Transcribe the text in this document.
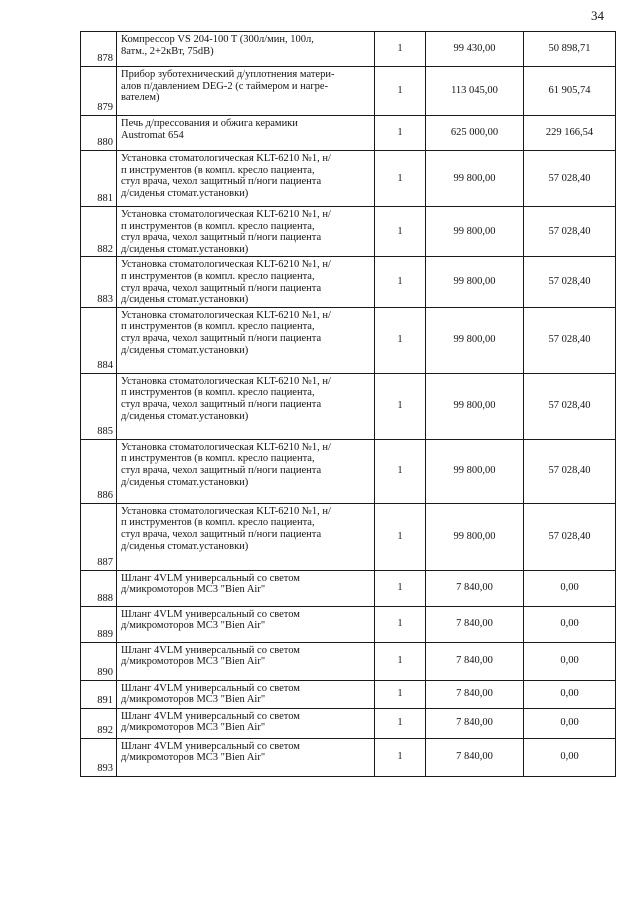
34
878	Компрессор VS 204-100 T (300л/мин, 100л,
8атм., 2+2кВт, 75dB)	1	99 430,00	50 898,71
879	Прибор зуботехнический д/уплотнения матери-
алов п/давлением DEG-2 (с таймером и нагре-
вателем)	1	113 045,00	61 905,74
880	Печь д/прессования и обжига керамики
Austromat 654	1	625 000,00	229 166,54
881	Установка стоматологическая KLT-6210 №1, н/
п инструментов (в компл. кресло пациента,
стул врача, чехол защитный п/ноги пациента
д/сиденья стомат.установки)	1	99 800,00	57 028,40
882	Установка стоматологическая KLT-6210 №1, н/
п инструментов (в компл. кресло пациента,
стул врача, чехол защитный п/ноги пациента
д/сиденья стомат.установки)	1	99 800,00	57 028,40
883	Установка стоматологическая KLT-6210 №1, н/
п инструментов (в компл. кресло пациента,
стул врача, чехол защитный п/ноги пациента
д/сиденья стомат.установки)	1	99 800,00	57 028,40
884	Установка стоматологическая KLT-6210 №1, н/
п инструментов (в компл. кресло пациента,
стул врача, чехол защитный п/ноги пациента
д/сиденья стомат.установки)	1	99 800,00	57 028,40
885	Установка стоматологическая KLT-6210 №1, н/
п инструментов (в компл. кресло пациента,
стул врача, чехол защитный п/ноги пациента
д/сиденья стомат.установки)	1	99 800,00	57 028,40
886	Установка стоматологическая KLT-6210 №1, н/
п инструментов (в компл. кресло пациента,
стул врача, чехол защитный п/ноги пациента
д/сиденья стомат.установки)	1	99 800,00	57 028,40
887	Установка стоматологическая KLT-6210 №1, н/
п инструментов (в компл. кресло пациента,
стул врача, чехол защитный п/ноги пациента
д/сиденья стомат.установки)	1	99 800,00	57 028,40
888	Шланг 4VLM универсальный со светом
д/микромоторов MC3 "Bien Air"	1	7 840,00	0,00
889	Шланг 4VLM универсальный со светом
д/микромоторов MC3 "Bien Air"	1	7 840,00	0,00
890	Шланг 4VLM универсальный со светом
д/микромоторов MC3 "Bien Air"	1	7 840,00	0,00
891	Шланг 4VLM универсальный со светом
д/микромоторов MC3 "Bien Air"	1	7 840,00	0,00
892	Шланг 4VLM универсальный со светом
д/микромоторов MC3 "Bien Air"	1	7 840,00	0,00
893	Шланг 4VLM универсальный со светом
д/микромоторов MC3 "Bien Air"	1	7 840,00	0,00
